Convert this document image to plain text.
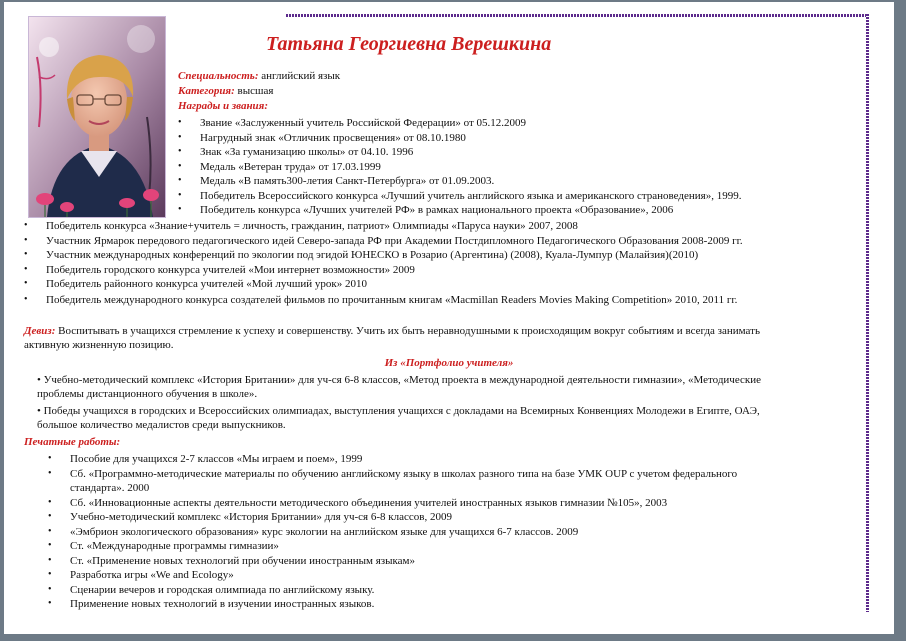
Татьяна Георгиевна Верешкина
Специальность: английский язык
Категория: высшая
Награды и звания:
• Звание «Заслуженный учитель Российской Федерации» от 05.12.2009
• Нагрудный знак «Отличник просвещения» от 08.10.1980
• Знак «За гуманизацию школы» от 04.10. 1996
• Медаль «Ветеран труда» от 17.03.1999
• Медаль «В память300-летия Санкт-Петербурга» от 01.09.2003.
• Победитель Всероссийского конкурса «Лучший учитель английского языка и американского страноведения», 1999.
• Победитель конкурса «Лучших учителей РФ» в рамках национального проекта «Образование», 2006
• Победитель конкурса «Знание+учитель = личность, гражданин, патриот» Олимпиады «Паруса науки» 2007, 2008
• Участник Ярмарок передового педагогического идей Северо-запада РФ при Академии Постдипломного Педагогического Образования 2008-2009 гг.
• Участник международных конференций по экологии под эгидой ЮНЕСКО в Розарио (Аргентина) (2008), Куала-Лумпур (Малайзия)(2010)
• Победитель городского конкурса учителей «Мои интернет возможности» 2009
• Победитель районного конкурса учителей «Мой лучший урок» 2010
• Победитель международного конкурса создателей фильмов по прочитанным книгам «Macmillan Readers Movies Making Competition» 2010, 2011 гг.
Девиз: Воспитывать в учащихся стремление к успеху и совершенству. Учить их быть неравнодушными к происходящим вокруг событиям и всегда занимать
активную жизненную позицию.
Из «Портфолио учителя»
• Учебно-методический комплекс «История Британии» для уч-ся 6-8 классов, «Метод проекта в международной деятельности гимназии», «Методические
проблемы дистанционного обучения в школе».
• Победы учащихся в городских и Всероссийских олимпиадах, выступления учащихся с докладами на Всемирных Конвенциях Молодежи в Египте, ОАЭ,
большое количество медалистов среди выпускников.
Печатные работы:
• Пособие для учащихся 2-7 классов «Мы играем и поем», 1999
• Сб. «Программно-методические материалы по обучению английскому языку в школах разного типа на базе УМК OUP с учетом федерального
стандарта». 2000
• Сб. «Инновационные аспекты деятельности методического объединения учителей иностранных языков гимназии №105», 2003
• Учебно-методический комплекс «История Британии» для уч-ся 6-8 классов, 2009
• «Эмбрион экологического образования» курс экологии на английском языке для учащихся 6-7 классов. 2009
• Ст. «Международные программы гимназии»
• Ст. «Применение новых технологий при обучении иностранным языкам»
• Разработка игры «We and Ecology»
• Сценарии вечеров и городская олимпиада по английскому языку.
• Применение новых технологий в изучении иностранных языков.
